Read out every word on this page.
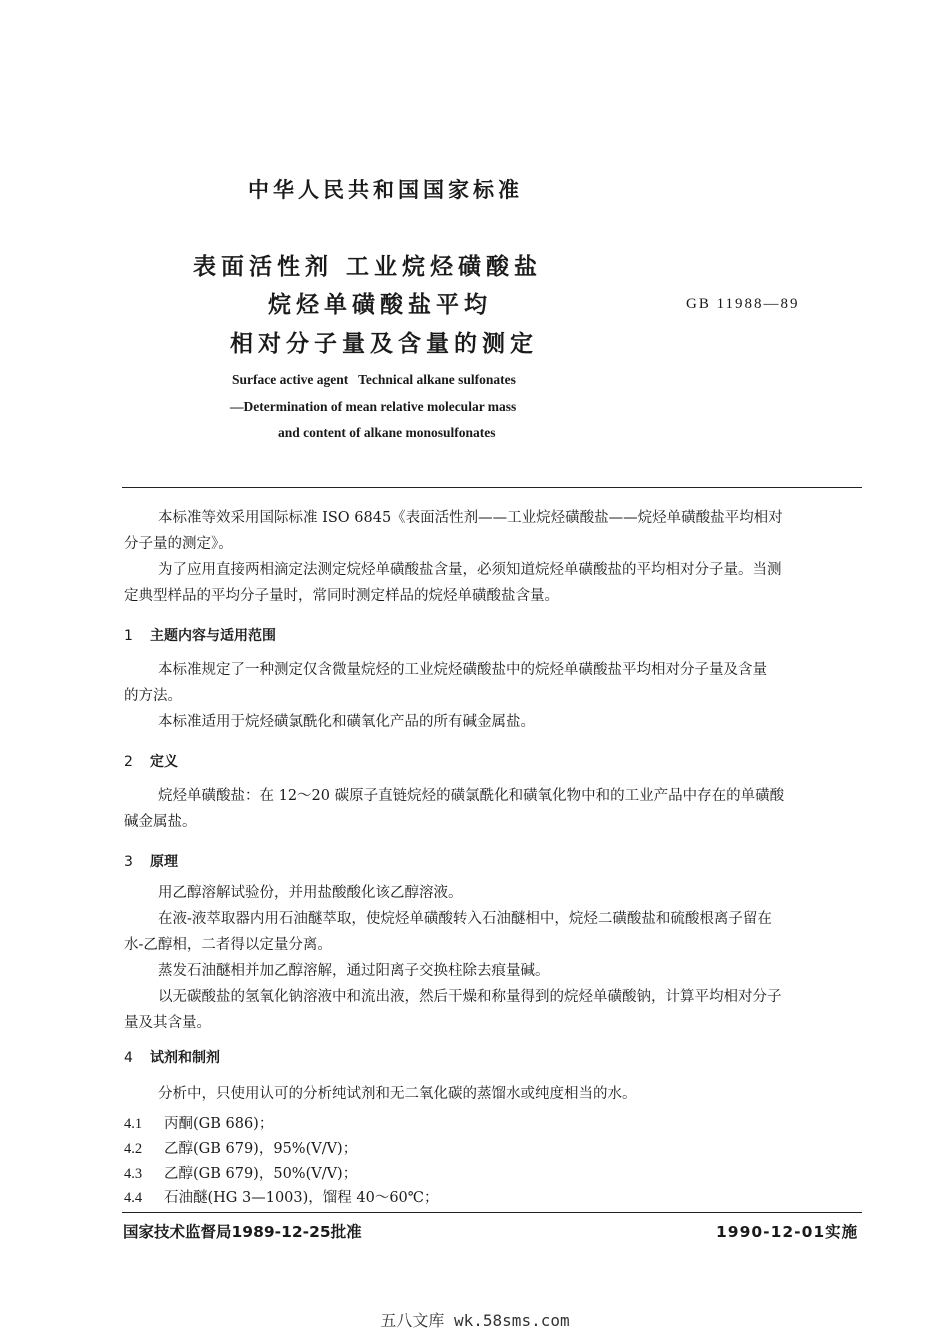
中华人民共和国国家标准
表面活性剂 工业烷烃磺酸盐
烷烃单磺酸盐平均
相对分子量及含量的测定
GB 11988—89
Surface active agent   Technical alkane sulfonates
—Determination of mean relative molecular mass
and content of alkane monosulfonates
本标准等效采用国际标准 ISO 6845《表面活性剂——工业烷烃磺酸盐——烷烃单磺酸盐平均相对
分子量的测定》。
为了应用直接两相滴定法测定烷烃单磺酸盐含量，必须知道烷烃单磺酸盐的平均相对分子量。当测
定典型样品的平均分子量时，常同时测定样品的烷烃单磺酸盐含量。
1 主题内容与适用范围
本标准规定了一种测定仅含微量烷烃的工业烷烃磺酸盐中的烷烃单磺酸盐平均相对分子量及含量
的方法。
本标准适用于烷烃磺氯酰化和磺氧化产品的所有碱金属盐。
2 定义
烷烃单磺酸盐：在 12～20 碳原子直链烷烃的磺氯酰化和磺氧化物中和的工业产品中存在的单磺酸
碱金属盐。
3 原理
用乙醇溶解试验份，并用盐酸酸化该乙醇溶液。
在液-液萃取器内用石油醚萃取，使烷烃单磺酸转入石油醚相中，烷烃二磺酸盐和硫酸根离子留在
水-乙醇相，二者得以定量分离。
蒸发石油醚相并加乙醇溶解，通过阳离子交换柱除去痕量碱。
以无碳酸盐的氢氧化钠溶液中和流出液，然后干燥和称量得到的烷烃单磺酸钠，计算平均相对分子
量及其含量。
4 试剂和制剂
分析中，只使用认可的分析纯试剂和无二氧化碳的蒸馏水或纯度相当的水。
4.1 丙酮(GB 686)；
4.2 乙醇(GB 679)，95%(V/V)；
4.3 乙醇(GB 679)，50%(V/V)；
4.4 石油醚(HG 3—1003)，馏程 40～60℃；
国家技术监督局1989-12-25批准	1990-12-01实施
五八文库 wk.58sms.com
